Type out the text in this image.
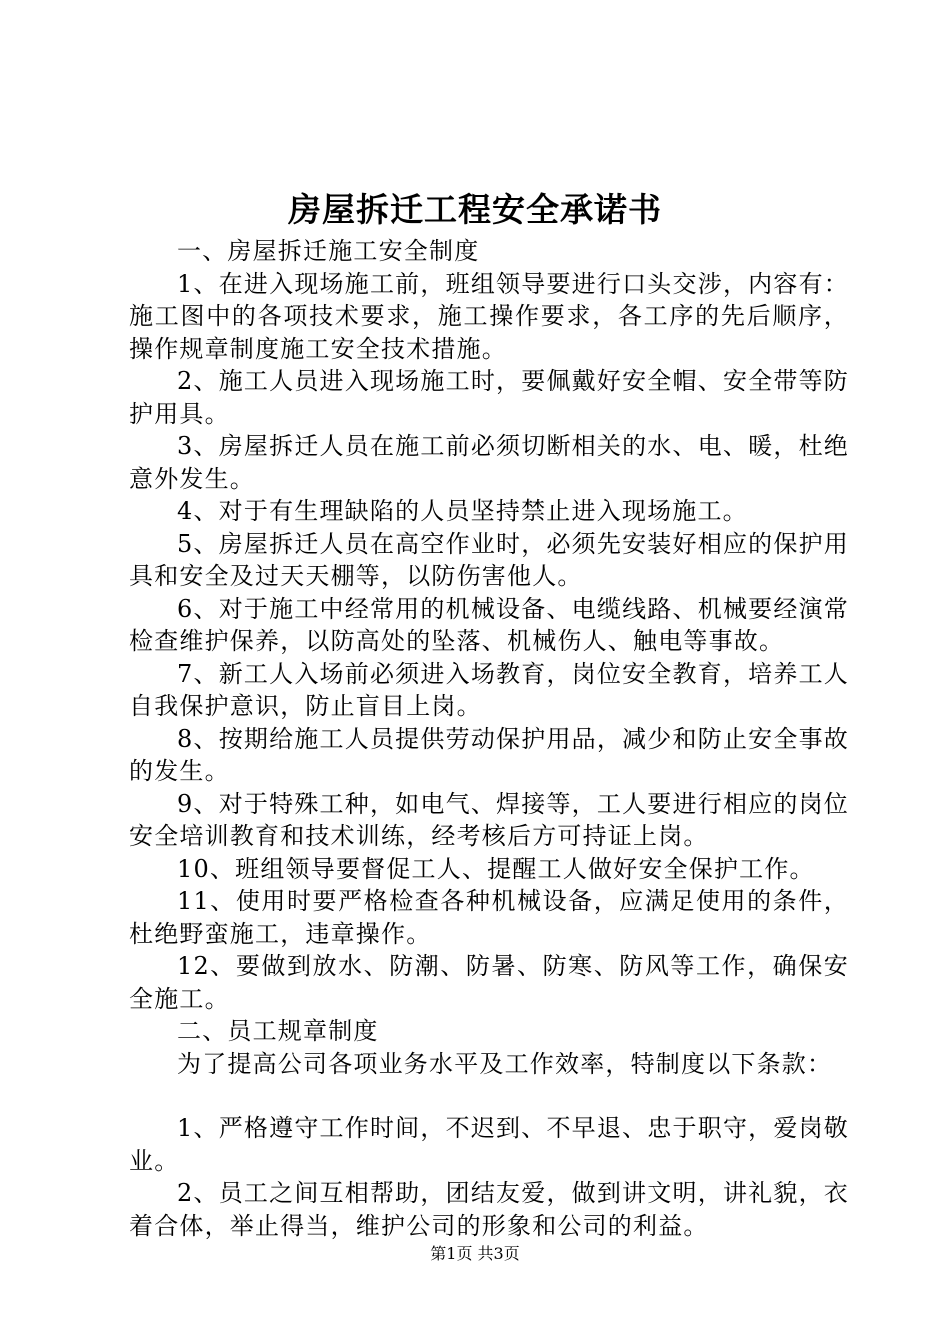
房屋拆迁工程安全承诺书

一、房屋拆迁施工安全制度

1、在进入现场施工前，班组领导要进行口头交涉，内容有：施工图中的各项技术要求，施工操作要求，各工序的先后顺序，操作规章制度施工安全技术措施。

2、施工人员进入现场施工时，要佩戴好安全帽、安全带等防护用具。

3、房屋拆迁人员在施工前必须切断相关的水、电、暖，杜绝意外发生。

4、对于有生理缺陷的人员坚持禁止进入现场施工。

5、房屋拆迁人员在高空作业时，必须先安装好相应的保护用具和安全及过天天棚等，以防伤害他人。

6、对于施工中经常用的机械设备、电缆线路、机械要经演常检查维护保养，以防高处的坠落、机械伤人、触电等事故。

7、新工人入场前必须进入场教育，岗位安全教育，培养工人自我保护意识，防止盲目上岗。

8、按期给施工人员提供劳动保护用品，减少和防止安全事故的发生。

9、对于特殊工种，如电气、焊接等，工人要进行相应的岗位安全培训教育和技术训练，经考核后方可持证上岗。

10、班组领导要督促工人、提醒工人做好安全保护工作。

11、使用时要严格检查各种机械设备，应满足使用的条件，杜绝野蛮施工，违章操作。

12、要做到放水、防潮、防暑、防寒、防风等工作，确保安全施工。

二、员工规章制度

为了提高公司各项业务水平及工作效率，特制度以下条款：

1、严格遵守工作时间，不迟到、不早退、忠于职守，爱岗敬业。

2、员工之间互相帮助，团结友爱，做到讲文明，讲礼貌，衣着合体，举止得当，维护公司的形象和公司的利益。

第1页 共3页
